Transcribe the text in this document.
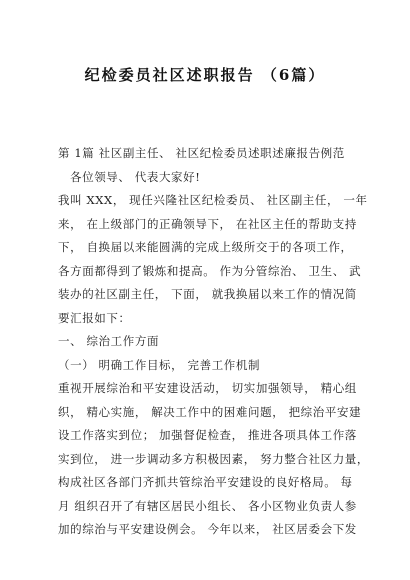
纪检委员社区述职报告 （6篇）
第 1篇 社区副主任、 社区纪检委员述职述廉报告例范
各位领导、 代表大家好!
我叫 XXX， 现任兴隆社区纪检委员、 社区副主任， 一年
来， 在上级部门的正确领导下， 在社区主任的帮助支持
下， 自换届以来能圆满的完成上级所交于的各项工作，
各方面都得到了锻炼和提高。 作为分管综治、 卫生、 武
装办的社区副主任， 下面， 就我换届以来工作的情况简
要汇报如下：
一、 综治工作方面
（一） 明确工作目标， 完善工作机制
重视开展综治和平安建设活动， 切实加强领导， 精心组
织， 精心实施， 解决工作中的困难问题， 把综治平安建
设工作落实到位； 加强督促检查， 推进各项具体工作落
实到位， 进一步调动多方积极因素， 努力整合社区力量，
构成社区各部门齐抓共管综治平安建设的良好格局。 每
月 组织召开了有辖区居民小组长、 各小区物业负责人参
加的综治与平安建设例会。 今年以来， 社区居委会下发
